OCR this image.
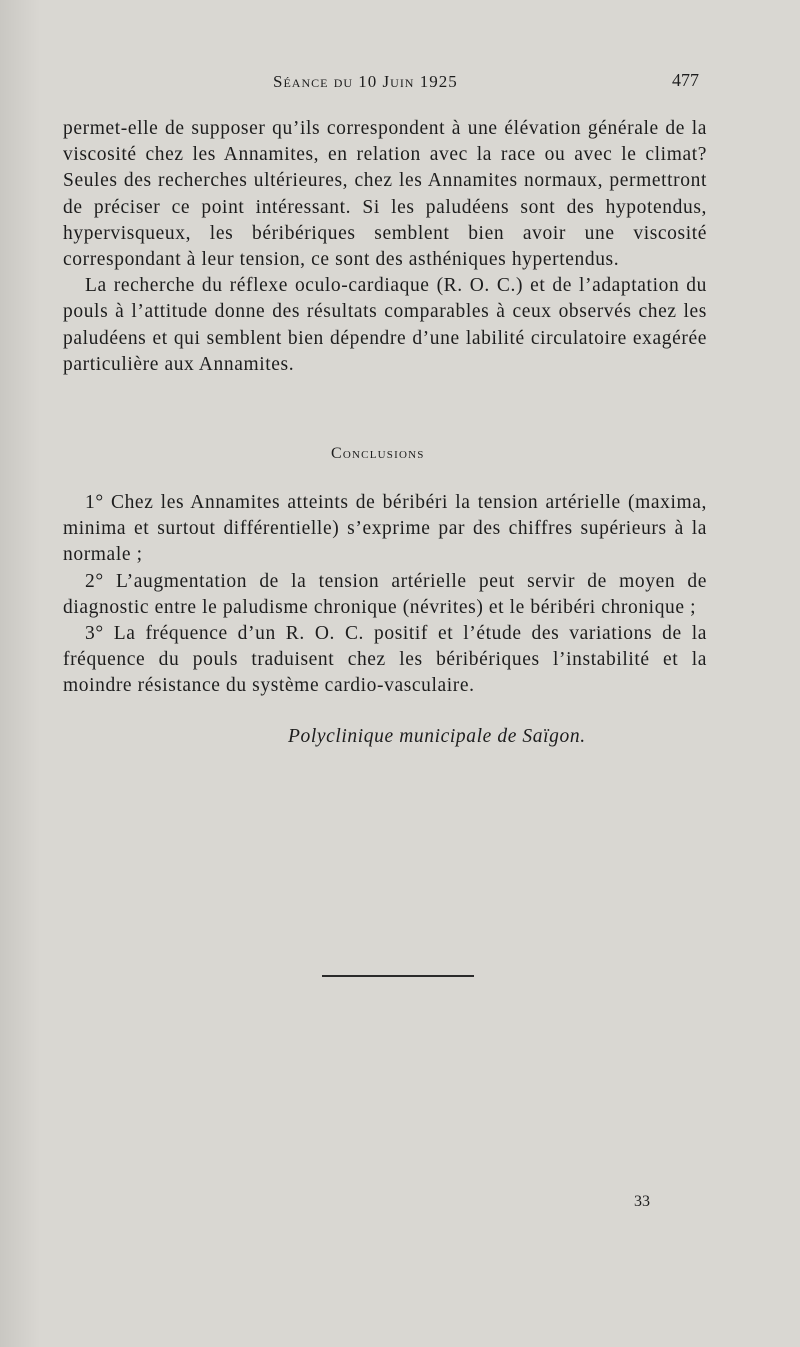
Séance du 10 Juin 1925	477

permet-elle de supposer qu’ils correspondent à une élévation générale de la viscosité chez les Annamites, en relation avec la race ou avec le climat? Seules des recherches ultérieures, chez les Annamites normaux, permettront de préciser ce point intéressant. Si les paludéens sont des hypotendus, hypervisqueux, les béribériques semblent bien avoir une viscosité correspondant à leur tension, ce sont des asthéniques hypertendus.

La recherche du réflexe oculo-cardiaque (R. O. C.) et de l’adaptation du pouls à l’attitude donne des résultats comparables à ceux observés chez les paludéens et qui semblent bien dépendre d’une labilité circulatoire exagérée particulière aux Annamites.

Conclusions

1° Chez les Annamites atteints de béribéri la tension artérielle (maxima, minima et surtout différentielle) s’exprime par des chiffres supérieurs à la normale ;

2° L’augmentation de la tension artérielle peut servir de moyen de diagnostic entre le paludisme chronique (névrites) et le béribéri chronique ;

3° La fréquence d’un R. O. C. positif et l’étude des variations de la fréquence du pouls traduisent chez les béribériques l’instabilité et la moindre résistance du système cardio-vasculaire.

Polyclinique municipale de Saïgon.
33
